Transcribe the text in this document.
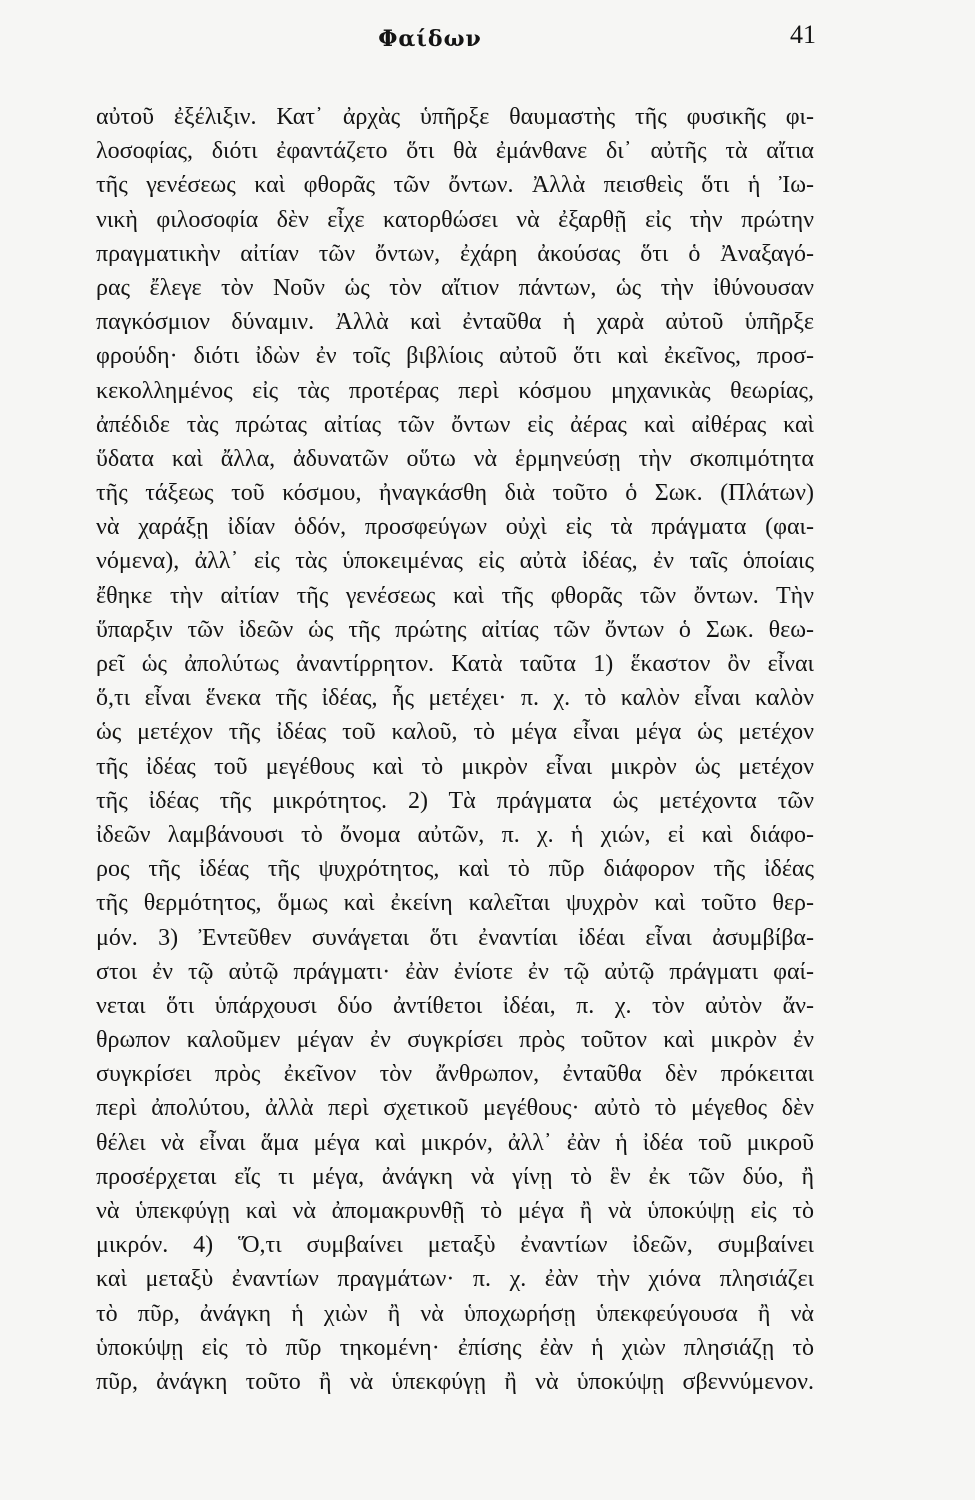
Φαίδων	41
αὐτοῦ ἐξέλιξιν. Κατ᾽ ἀρχὰς ὑπῆρξε θαυμαστὴς τῆς φυσικῆς φι-
λοσοφίας, διότι ἐφαντάζετο ὅτι θὰ ἐμάνθανε δι᾽ αὐτῆς τὰ αἴτια
τῆς γενέσεως καὶ φθορᾶς τῶν ὄντων. Ἀλλὰ πεισθεὶς ὅτι ἡ Ἰω-
νικὴ φιλοσοφία δὲν εἶχε κατορθώσει νὰ ἐξαρθῇ εἰς τὴν πρώτην
πραγματικὴν αἰτίαν τῶν ὄντων, ἐχάρη ἀκούσας ὅτι ὁ Ἀναξαγό-
ρας ἔλεγε τὸν Νοῦν ὡς τὸν αἴτιον πάντων, ὡς τὴν ἰθύνουσαν
παγκόσμιον δύναμιν. Ἀλλὰ καὶ ἐνταῦθα ἡ χαρὰ αὐτοῦ ὑπῆρξε
φρούδη· διότι ἰδὼν ἐν τοῖς βιβλίοις αὐτοῦ ὅτι καὶ ἐκεῖνος, προσ-
κεκολλημένος εἰς τὰς προτέρας περὶ κόσμου μηχανικὰς θεωρίας,
ἀπέδιδε τὰς πρώτας αἰτίας τῶν ὄντων εἰς ἀέρας καὶ αἰθέρας καὶ
ὕδατα καὶ ἄλλα, ἀδυνατῶν οὕτω νὰ ἑρμηνεύσῃ τὴν σκοπιμότητα
τῆς τάξεως τοῦ κόσμου, ἠναγκάσθη διὰ τοῦτο ὁ Σωκ. (Πλάτων)
νὰ χαράξῃ ἰδίαν ὁδόν, προσφεύγων οὐχὶ εἰς τὰ πράγματα (φαι-
νόμενα), ἀλλ᾽ εἰς τὰς ὑποκειμένας εἰς αὐτὰ ἰδέας, ἐν ταῖς ὁποίαις
ἔθηκε τὴν αἰτίαν τῆς γενέσεως καὶ τῆς φθορᾶς τῶν ὄντων. Τὴν
ὕπαρξιν τῶν ἰδεῶν ὡς τῆς πρώτης αἰτίας τῶν ὄντων ὁ Σωκ. θεω-
ρεῖ ὡς ἀπολύτως ἀναντίρρητον. Κατὰ ταῦτα 1) ἕκαστον ὂν εἶναι
ὅ,τι εἶναι ἕνεκα τῆς ἰδέας, ἧς μετέχει· π. χ. τὸ καλὸν εἶναι καλὸν
ὡς μετέχον τῆς ἰδέας τοῦ καλοῦ, τὸ μέγα εἶναι μέγα ὡς μετέχον
τῆς ἰδέας τοῦ μεγέθους καὶ τὸ μικρὸν εἶναι μικρὸν ὡς μετέχον
τῆς ἰδέας τῆς μικρότητος. 2) Τὰ πράγματα ὡς μετέχοντα τῶν
ἰδεῶν λαμβάνουσι τὸ ὄνομα αὐτῶν, π. χ. ἡ χιών, εἰ καὶ διάφο-
ρος τῆς ἰδέας τῆς ψυχρότητος, καὶ τὸ πῦρ διάφορον τῆς ἰδέας
τῆς θερμότητος, ὅμως καὶ ἐκείνη καλεῖται ψυχρὸν καὶ τοῦτο θερ-
μόν. 3) Ἐντεῦθεν συνάγεται ὅτι ἐναντίαι ἰδέαι εἶναι ἀσυμβίβα-
στοι ἐν τῷ αὐτῷ πράγματι· ἐὰν ἐνίοτε ἐν τῷ αὐτῷ πράγματι φαί-
νεται ὅτι ὑπάρχουσι δύο ἀντίθετοι ἰδέαι, π. χ. τὸν αὐτὸν ἄν-
θρωπον καλοῦμεν μέγαν ἐν συγκρίσει πρὸς τοῦτον καὶ μικρὸν ἐν
συγκρίσει πρὸς ἐκεῖνον τὸν ἄνθρωπον, ἐνταῦθα δὲν πρόκειται
περὶ ἀπολύτου, ἀλλὰ περὶ σχετικοῦ μεγέθους· αὐτὸ τὸ μέγεθος δὲν
θέλει νὰ εἶναι ἅμα μέγα καὶ μικρόν, ἀλλ᾽ ἐὰν ἡ ἰδέα τοῦ μικροῦ
προσέρχεται εἴς τι μέγα, ἀνάγκη νὰ γίνῃ τὸ ἓν ἐκ τῶν δύο, ἢ
νὰ ὑπεκφύγῃ καὶ νὰ ἀπομακρυνθῇ τὸ μέγα ἢ νὰ ὑποκύψῃ εἰς τὸ
μικρόν. 4) Ὅ,τι συμβαίνει μεταξὺ ἐναντίων ἰδεῶν, συμβαίνει
καὶ μεταξὺ ἐναντίων πραγμάτων· π. χ. ἐὰν τὴν χιόνα πλησιάζει
τὸ πῦρ, ἀνάγκη ἡ χιὼν ἢ νὰ ὑποχωρήσῃ ὑπεκφεύγουσα ἢ νὰ
ὑποκύψῃ εἰς τὸ πῦρ τηκομένη· ἐπίσης ἐὰν ἡ χιὼν πλησιάζῃ τὸ
πῦρ, ἀνάγκη τοῦτο ἢ νὰ ὑπεκφύγῃ ἢ νὰ ὑποκύψῃ σβεννύμενον.
